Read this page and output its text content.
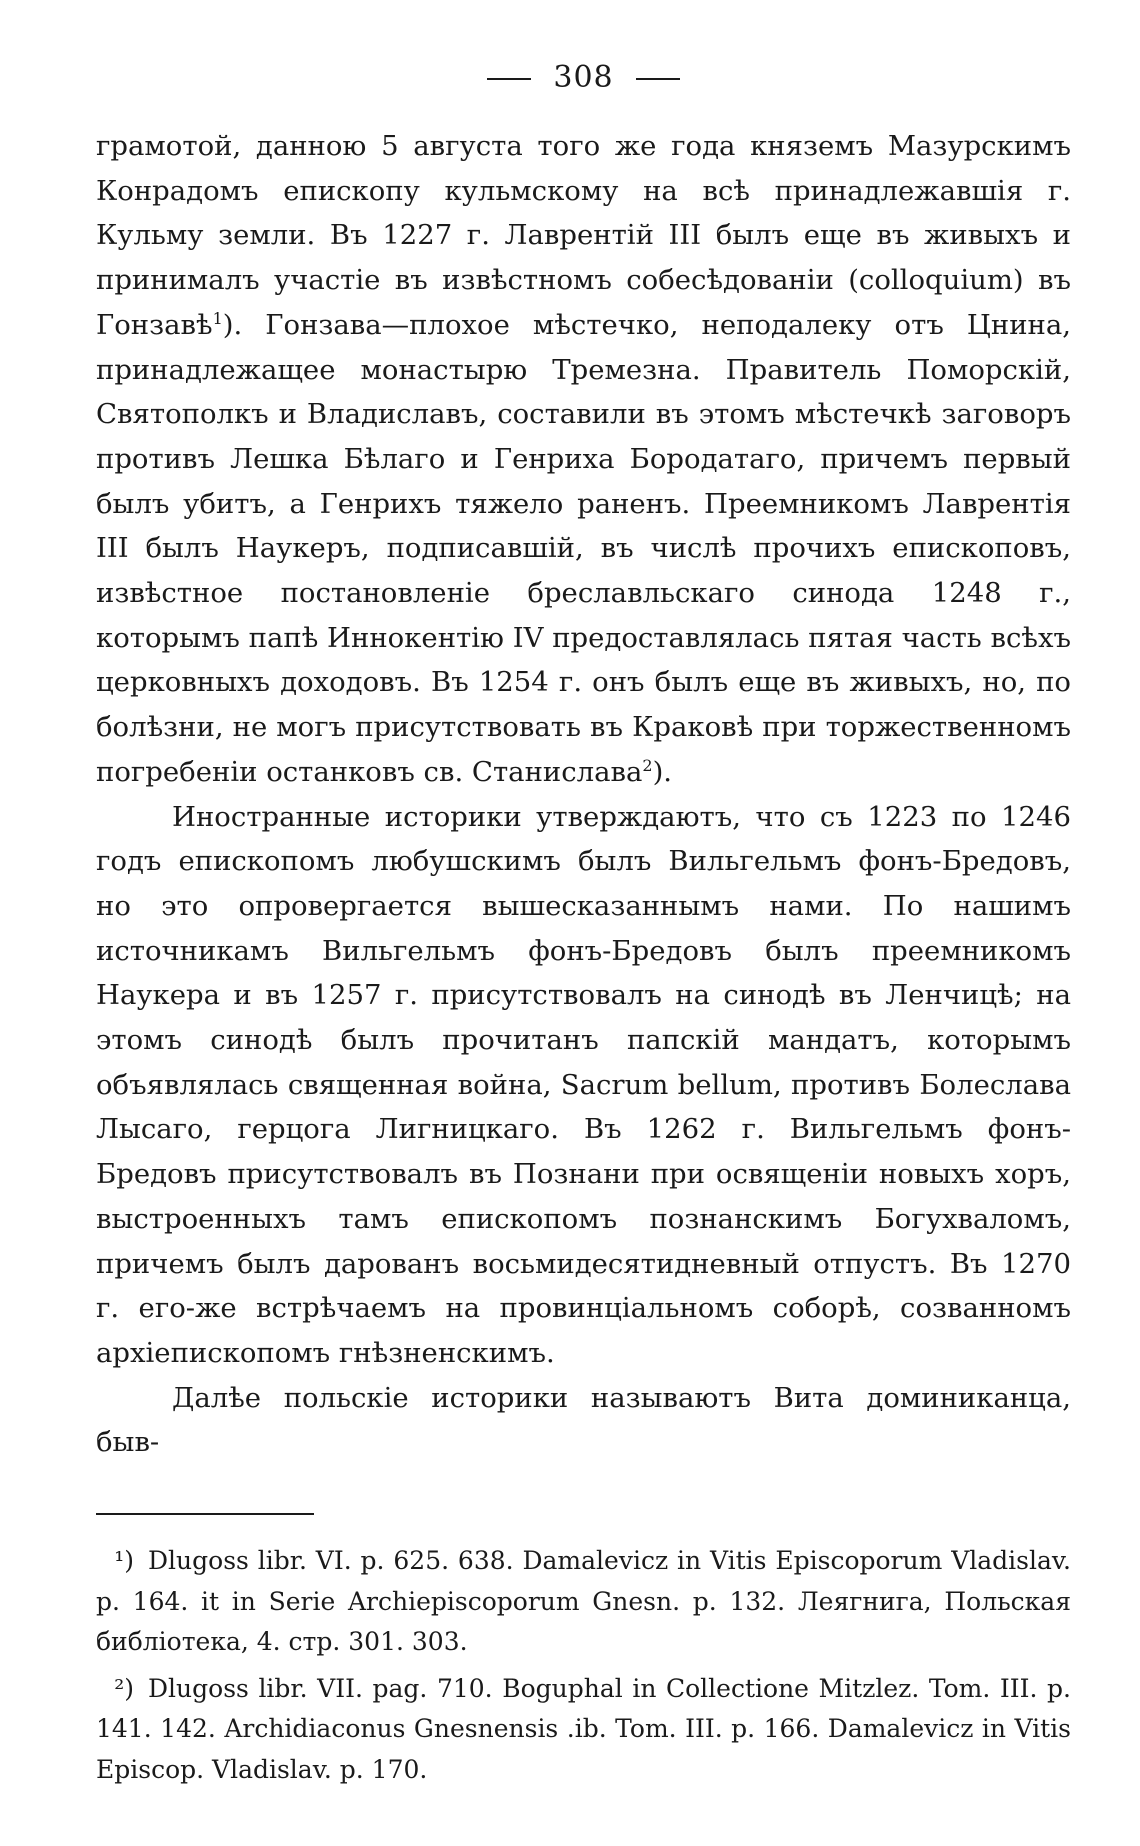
308

грамотой, данною 5 августа того же года княземъ Мазурскимъ Конрадомъ епископу кульмскому на всѣ принадлежавшія г. Кульму земли. Въ 1227 г. Лаврентій III былъ еще въ живыхъ и принималъ участіе въ извѣстномъ собесѣдованіи (colloquium) въ Гонзавѣ$^1$). Гонзава—плохое мѣстечко, неподалеку отъ Цнина, принадлежащее монастырю Тремезна. Правитель Поморскій, Святополкъ и Владиславъ, составили въ этомъ мѣстечкѣ заговоръ противъ Лешка Бѣлаго и Генриха Бородатаго, причемъ первый былъ убитъ, а Генрихъ тяжело раненъ. Преемникомъ Лаврентія III былъ Наукеръ, подписавшій, въ числѣ прочихъ епископовъ, извѣстное постановленіе бреславльскаго синода 1248 г., которымъ папѣ Иннокентію IV предоставлялась пятая часть всѣхъ церковныхъ доходовъ. Въ 1254 г. онъ былъ еще въ живыхъ, но, по болѣзни, не могъ присутствовать въ Краковѣ при торжественномъ погребеніи останковъ св. Станислава$^2$).

Иностранные историки утверждаютъ, что съ 1223 по 1246 годъ епископомъ любушскимъ былъ Вильгельмъ фонъ-Бредовъ, но это опровергается вышесказаннымъ нами. По нашимъ источникамъ Вильгельмъ фонъ-Бредовъ былъ преемникомъ Наукера и въ 1257 г. присутствовалъ на синодѣ въ Ленчицѣ; на этомъ синодѣ былъ прочитанъ папскій мандатъ, которымъ объявлялась священная война, Sacrum bellum, противъ Болеслава Лысаго, герцога Лигницкаго. Въ 1262 г. Вильгельмъ фонъ-Бредовъ присутствовалъ въ Познани при освященіи новыхъ хоръ, выстроенныхъ тамъ епископомъ познанскимъ Богухваломъ, причемъ былъ дарованъ восьмидесятидневный отпустъ. Въ 1270 г. его-же встрѣчаемъ на провинціальномъ соборѣ, созванномъ архіепископомъ гнѣзненскимъ.

Далѣе польскіе историки называютъ Вита доминиканца, быв-

¹) Dlugoss libr. VI. p. 625. 638. Damalevicz in Vitis Episcoporum Vladislav. p. 164. it in Serie Archiepiscoporum Gnesn. p. 132. Леягнига, Польская библіотека, 4. стр. 301. 303.

²) Dlugoss libr. VII. pag. 710. Boguphal in Collectione Mitzlez. Tom. III. p. 141. 142. Archidiaconus Gnesnensis .ib. Tom. III. p. 166. Damalevicz in Vitis Episcop. Vladislav. p. 170.
